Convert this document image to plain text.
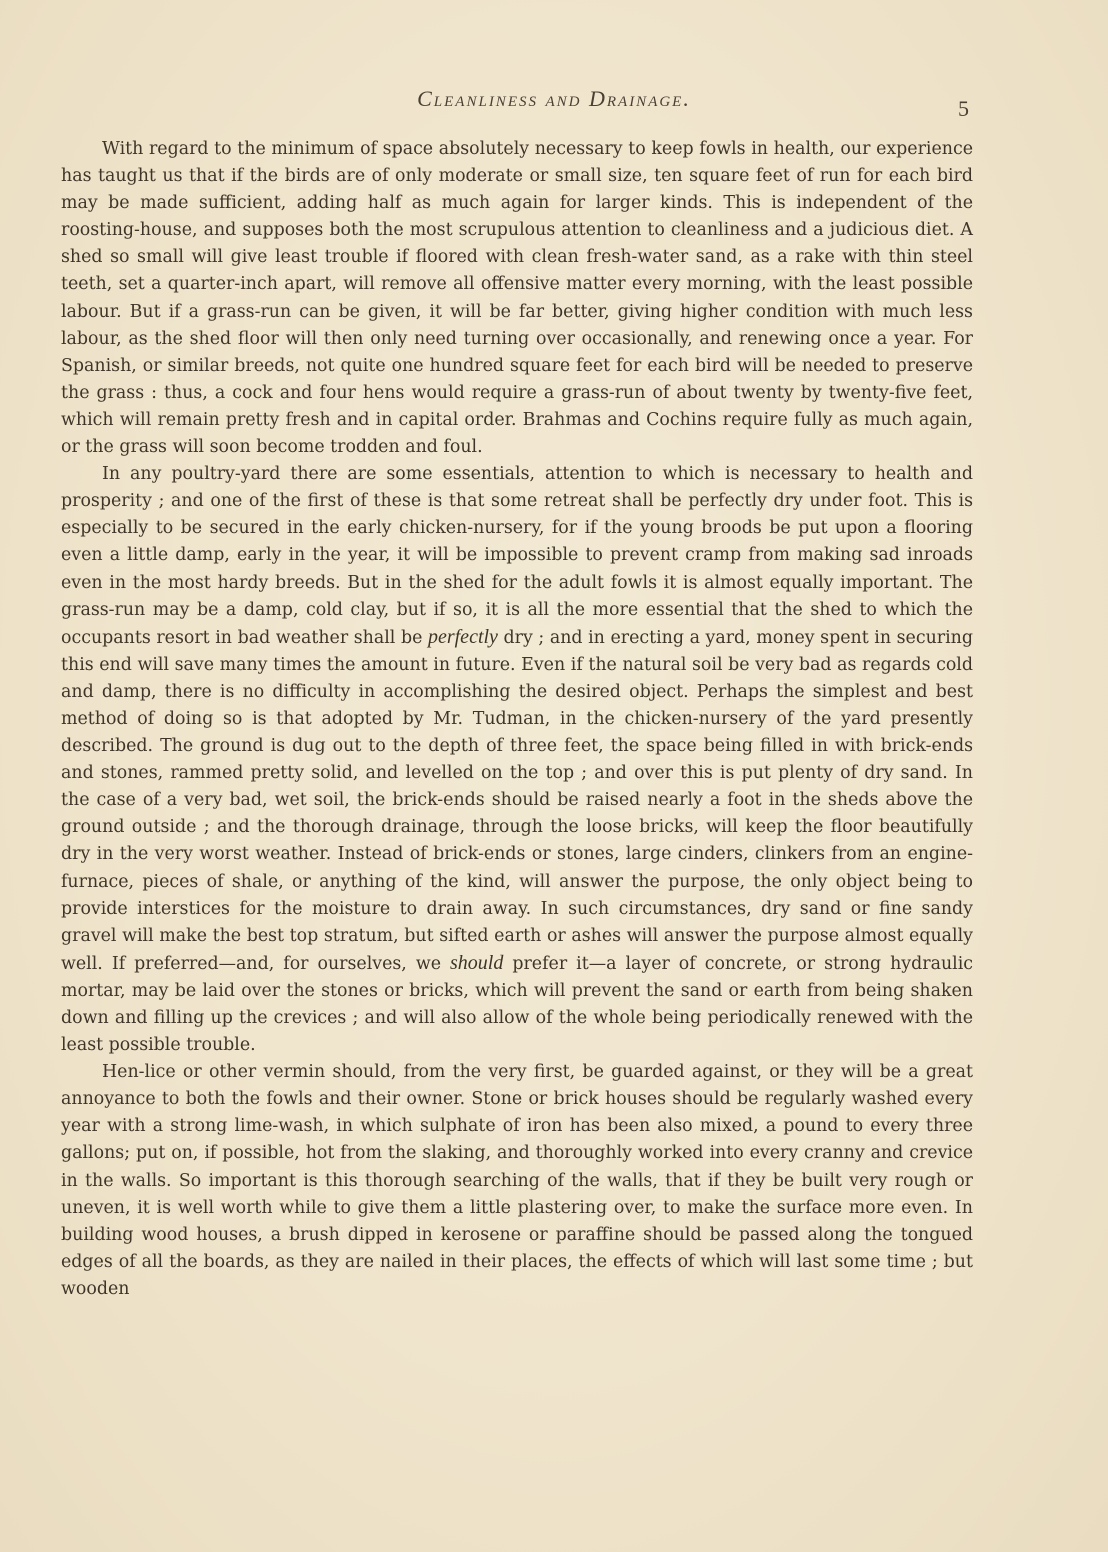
Cleanliness and Drainage.	5

With regard to the minimum of space absolutely necessary to keep fowls in health, our experience has taught us that if the birds are of only moderate or small size, ten square feet of run for each bird may be made sufficient, adding half as much again for larger kinds. This is independent of the roosting-house, and supposes both the most scrupulous attention to cleanliness and a judicious diet. A shed so small will give least trouble if floored with clean fresh-water sand, as a rake with thin steel teeth, set a quarter-inch apart, will remove all offensive matter every morning, with the least possible labour. But if a grass-run can be given, it will be far better, giving higher condition with much less labour, as the shed floor will then only need turning over occasionally, and renewing once a year. For Spanish, or similar breeds, not quite one hundred square feet for each bird will be needed to preserve the grass : thus, a cock and four hens would require a grass-run of about twenty by twenty-five feet, which will remain pretty fresh and in capital order. Brahmas and Cochins require fully as much again, or the grass will soon become trodden and foul.

In any poultry-yard there are some essentials, attention to which is necessary to health and prosperity ; and one of the first of these is that some retreat shall be perfectly dry under foot. This is especially to be secured in the early chicken-nursery, for if the young broods be put upon a flooring even a little damp, early in the year, it will be impossible to prevent cramp from making sad inroads even in the most hardy breeds. But in the shed for the adult fowls it is almost equally important. The grass-run may be a damp, cold clay, but if so, it is all the more essential that the shed to which the occupants resort in bad weather shall be perfectly dry ; and in erecting a yard, money spent in securing this end will save many times the amount in future. Even if the natural soil be very bad as regards cold and damp, there is no difficulty in accomplishing the desired object. Perhaps the simplest and best method of doing so is that adopted by Mr. Tudman, in the chicken-nursery of the yard presently described. The ground is dug out to the depth of three feet, the space being filled in with brick-ends and stones, rammed pretty solid, and levelled on the top ; and over this is put plenty of dry sand. In the case of a very bad, wet soil, the brick-ends should be raised nearly a foot in the sheds above the ground outside ; and the thorough drainage, through the loose bricks, will keep the floor beautifully dry in the very worst weather. Instead of brick-ends or stones, large cinders, clinkers from an engine-furnace, pieces of shale, or anything of the kind, will answer the purpose, the only object being to provide interstices for the moisture to drain away. In such circumstances, dry sand or fine sandy gravel will make the best top stratum, but sifted earth or ashes will answer the purpose almost equally well. If preferred—and, for ourselves, we should prefer it—a layer of concrete, or strong hydraulic mortar, may be laid over the stones or bricks, which will prevent the sand or earth from being shaken down and filling up the crevices ; and will also allow of the whole being periodically renewed with the least possible trouble.

Hen-lice or other vermin should, from the very first, be guarded against, or they will be a great annoyance to both the fowls and their owner. Stone or brick houses should be regularly washed every year with a strong lime-wash, in which sulphate of iron has been also mixed, a pound to every three gallons; put on, if possible, hot from the slaking, and thoroughly worked into every cranny and crevice in the walls. So important is this thorough searching of the walls, that if they be built very rough or uneven, it is well worth while to give them a little plastering over, to make the surface more even. In building wood houses, a brush dipped in kerosene or paraffine should be passed along the tongued edges of all the boards, as they are nailed in their places, the effects of which will last some time ; but wooden
